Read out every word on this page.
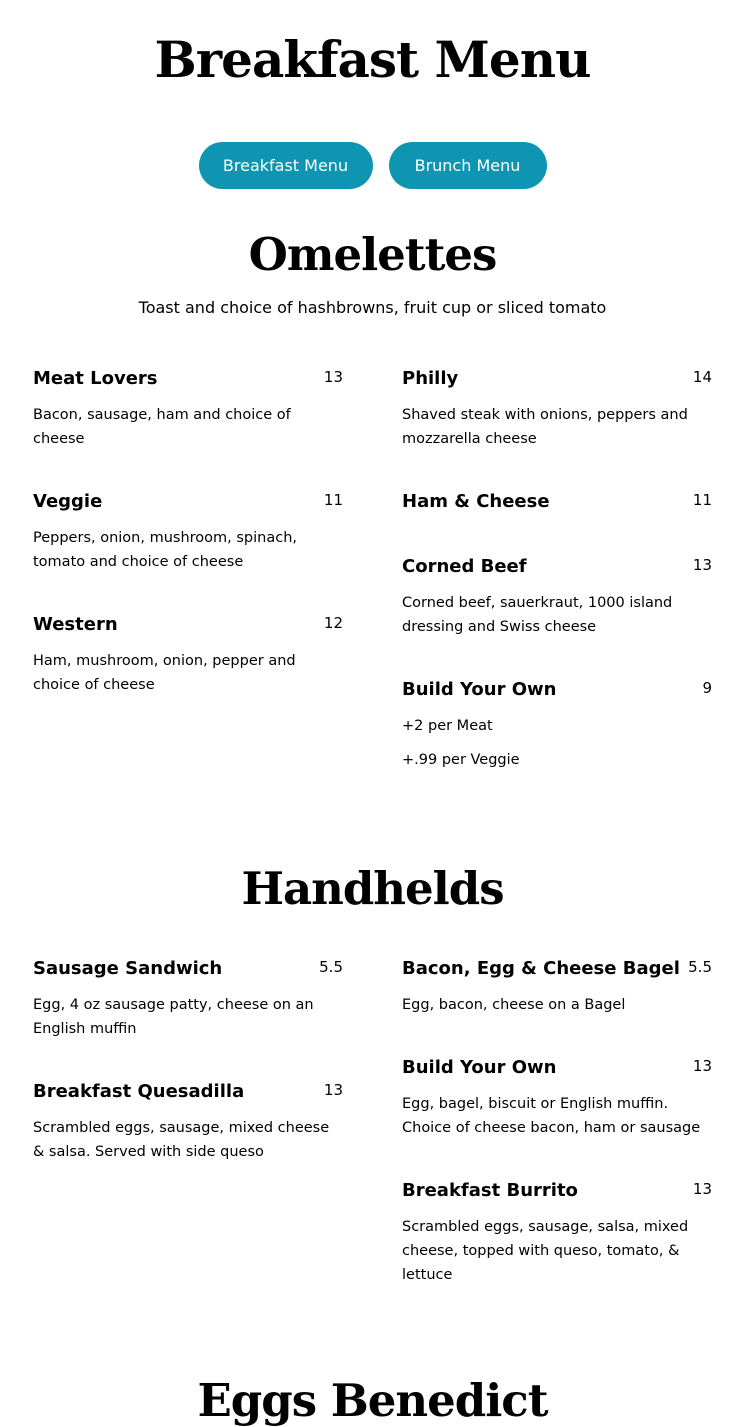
Breakfast Menu
Breakfast Menu	Brunch Menu
Omelettes

Toast and choice of hashbrowns, fruit cup or sliced tomato

Meat Lovers	13
Bacon, sausage, ham and choice of cheese
Veggie	11
Peppers, onion, mushroom, spinach, tomato and choice of cheese
Western	12
Ham, mushroom, onion, pepper and choice of cheese
Philly	14
Shaved steak with onions, peppers and mozzarella cheese
Ham & Cheese	11
Corned Beef	13
Corned beef, sauerkraut, 1000 island dressing and Swiss cheese
Build Your Own	9
+2 per Meat
+.99 per Veggie
Handhelds
Sausage Sandwich	5.5
Egg, 4 oz sausage patty, cheese on an English muffin
Breakfast Quesadilla	13
Scrambled eggs, sausage, mixed cheese & salsa. Served with side queso
Bacon, Egg & Cheese Bagel 5.5
Egg, bacon, cheese on a Bagel
Build Your Own	13
Egg, bagel, biscuit or English muffin. Choice of cheese bacon, ham or sausage
Breakfast Burrito	13
Scrambled eggs, sausage, salsa, mixed cheese, topped with queso, tomato, & lettuce
Eggs Benedict
